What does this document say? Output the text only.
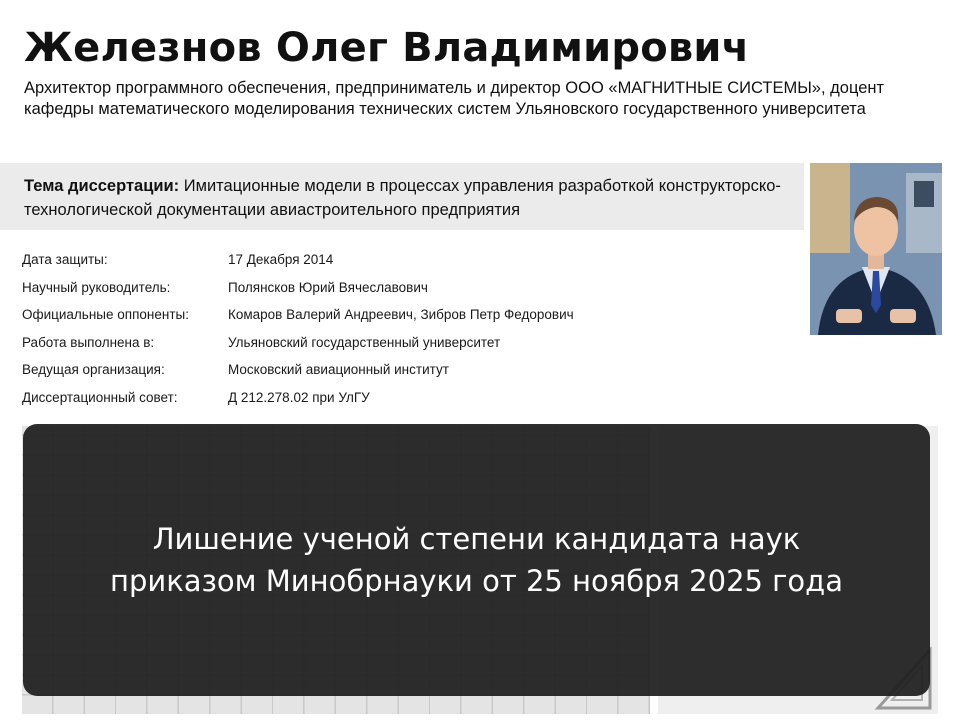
Железнов Олег Владимирович
Архитектор программного обеспечения, предприниматель и директор ООО «МАГНИТНЫЕ СИСТЕМЫ», доцент кафедры математического моделирования технических систем Ульяновского государственного университета
Тема диссертации: Имитационные модели в процессах управления разработкой конструкторско-технологической документации авиастроительного предприятия
Дата защиты:	17 Декабря 2014
Научный руководитель:	Полянсков Юрий Вячеславович
Официальные оппоненты:	Комаров Валерий Андреевич, Зибров Петр Федорович
Работа выполнена в:	Ульяновский государственный университет
Ведущая организация:	Московский авиационный институт
Диссертационный совет:	Д 212.278.02 при УлГУ
Лишение ученой степени кандидата наук
приказом Минобрнауки от 25 ноября 2025 года
